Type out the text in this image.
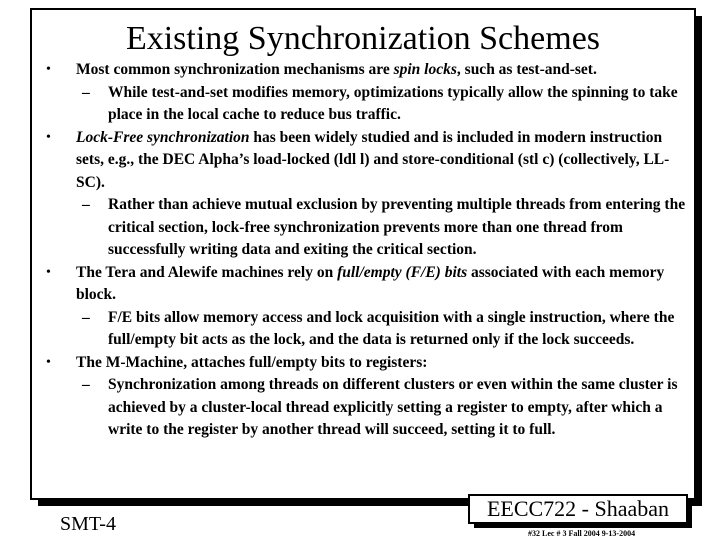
Existing Synchronization Schemes
• Most common synchronization mechanisms are spin locks, such as test-and-set.
– While test-and-set modifies memory, optimizations typically allow the spinning to take place in the local cache to reduce bus traffic.
• Lock-Free synchronization has been widely studied and is included in modern instruction sets, e.g., the DEC Alpha’s load-locked (ldl l) and store-conditional (stl c) (collectively, LL-SC).
– Rather than achieve mutual exclusion by preventing multiple threads from entering the critical section, lock-free synchronization prevents more than one thread from successfully writing data and exiting the critical section.
• The Tera and Alewife machines rely on full/empty (F/E) bits associated with each memory block.
– F/E bits allow memory access and lock acquisition with a single instruction, where the full/empty bit acts as the lock, and the data is returned only if the lock succeeds.
• The M-Machine, attaches full/empty bits to registers:
– Synchronization among threads on different clusters or even within the same cluster is achieved by a cluster-local thread explicitly setting a register to empty, after which a write to the register by another thread will succeed, setting it to full.
SMT-4
EECC722 - Shaaban
#32 Lec # 3 Fall 2004 9-13-2004
